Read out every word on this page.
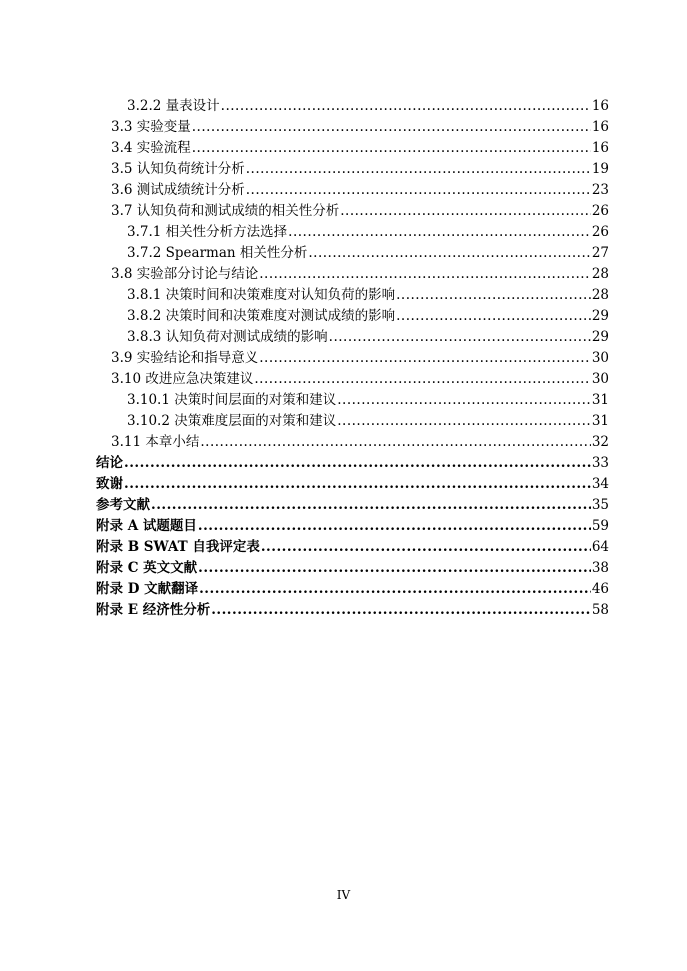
3.2.2 量表设计 .....	16
3.3 实验变量 .....	16
3.4 实验流程 .....	16
3.5 认知负荷统计分析 .....	19
3.6 测试成绩统计分析 .....	23
3.7 认知负荷和测试成绩的相关性分析 .....	26
3.7.1 相关性分析方法选择 .....	26
3.7.2 Spearman 相关性分析 .....	27
3.8 实验部分讨论与结论 .....	28
3.8.1 决策时间和决策难度对认知负荷的影响 .....	28
3.8.2 决策时间和决策难度对测试成绩的影响 .....	29
3.8.3 认知负荷对测试成绩的影响 .....	29
3.9 实验结论和指导意义 .....	30
3.10 改进应急决策建议 .....	30
3.10.1 决策时间层面的对策和建议 .....	31
3.10.2 决策难度层面的对策和建议 .....	31
3.11 本章小结 .....	32
结论 .....	33
致谢 .....	34
参考文献 .....	35
附录 A 试题题目 .....	59
附录 B SWAT 自我评定表 .....	64
附录 C 英文文献 .....	38
附录 D 文献翻译 .....	46
附录 E 经济性分析 .....	58
IV
